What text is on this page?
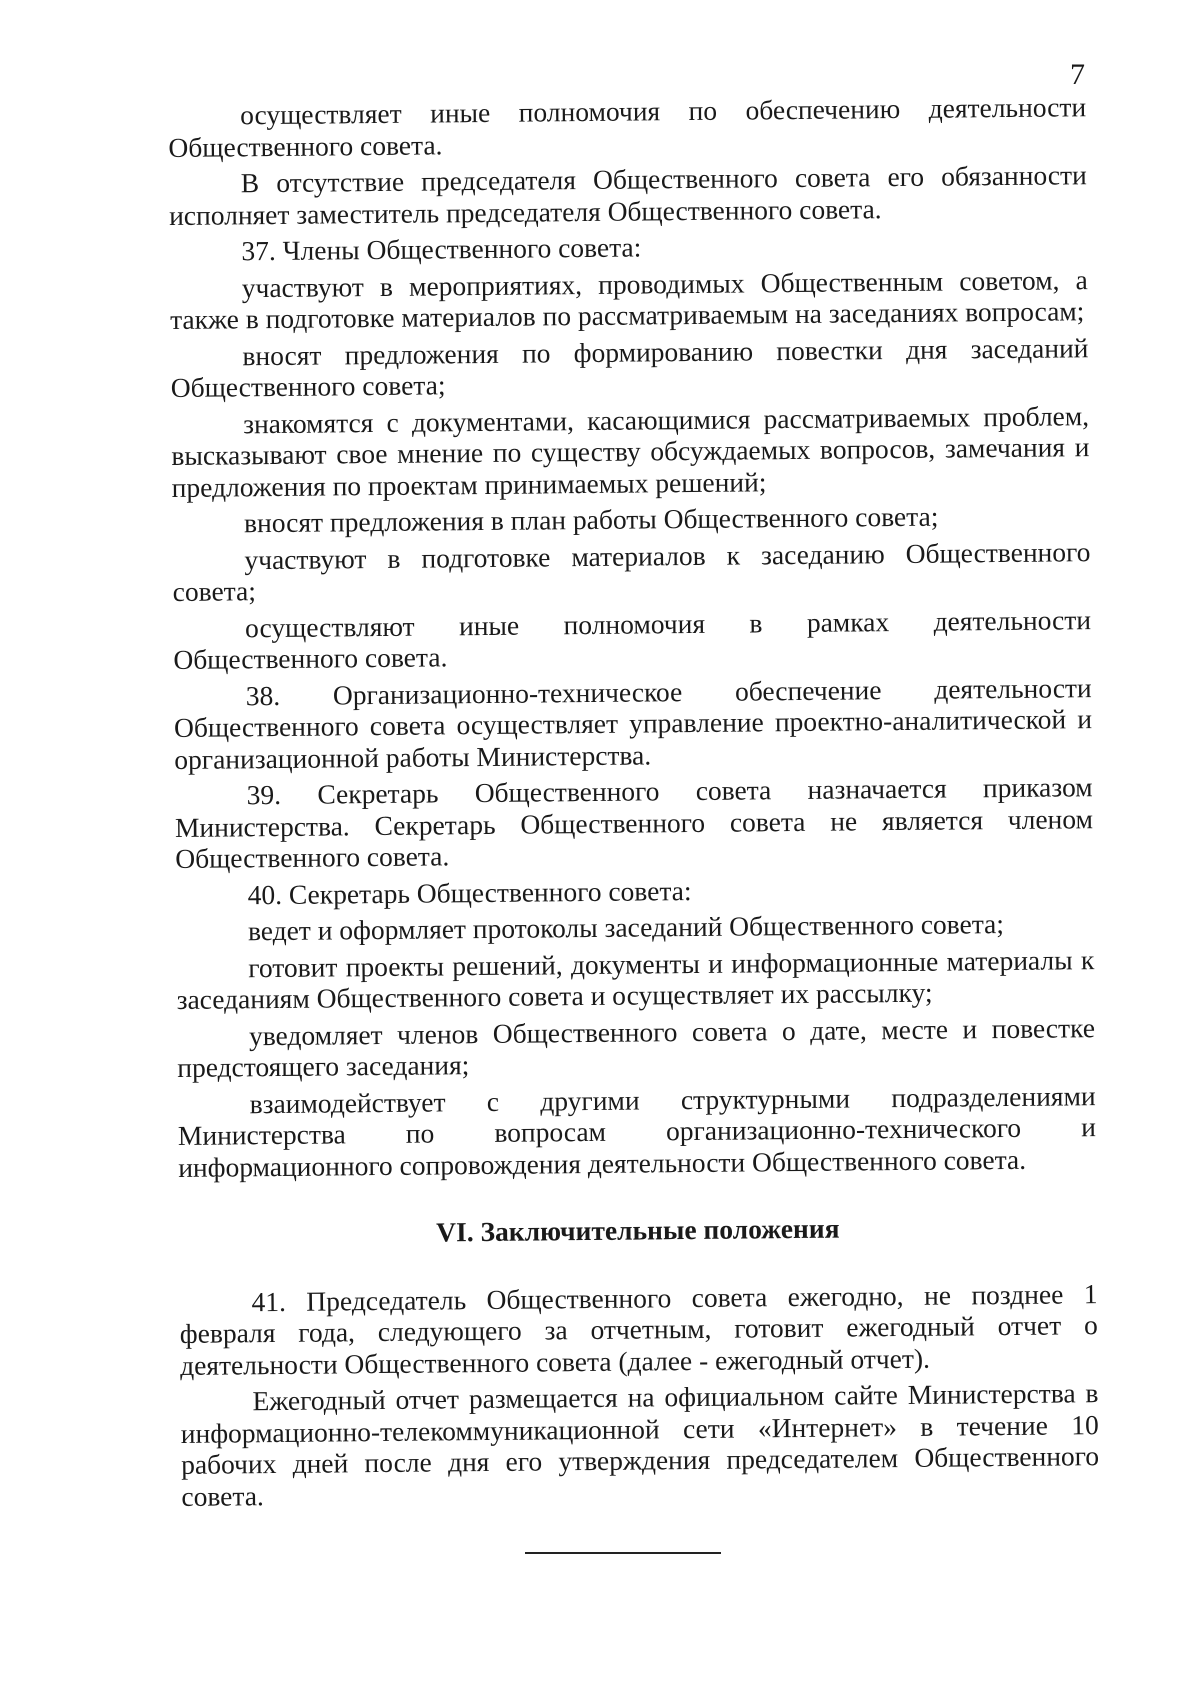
7

осуществляет иные полномочия по обеспечению деятельности Общественного совета.

В отсутствие председателя Общественного совета его обязанности исполняет заместитель председателя Общественного совета.

37. Члены Общественного совета:

участвуют в мероприятиях, проводимых Общественным советом, а также в подготовке материалов по рассматриваемым на заседаниях вопросам;

вносят предложения по формированию повестки дня заседаний Общественного совета;

знакомятся с документами, касающимися рассматриваемых проблем, высказывают свое мнение по существу обсуждаемых вопросов, замечания и предложения по проектам принимаемых решений;

вносят предложения в план работы Общественного совета;

участвуют в подготовке материалов к заседанию Общественного совета;

осуществляют иные полномочия в рамках деятельности Общественного совета.

38. Организационно-техническое обеспечение деятельности Общественного совета осуществляет управление проектно-аналитической и организационной работы Министерства.

39. Секретарь Общественного совета назначается приказом Министерства. Секретарь Общественного совета не является членом Общественного совета.

40. Секретарь Общественного совета:

ведет и оформляет протоколы заседаний Общественного совета;

готовит проекты решений, документы и информационные материалы к заседаниям Общественного совета и осуществляет их рассылку;

уведомляет членов Общественного совета о дате, месте и повестке предстоящего заседания;

взаимодействует с другими структурными подразделениями Министерства по вопросам организационно-технического и информационного сопровождения деятельности Общественного совета.

VI. Заключительные положения

41. Председатель Общественного совета ежегодно, не позднее 1 февраля года, следующего за отчетным, готовит ежегодный отчет о деятельности Общественного совета (далее - ежегодный отчет).

Ежегодный отчет размещается на официальном сайте Министерства в информационно-телекоммуникационной сети «Интернет» в течение 10 рабочих дней после дня его утверждения председателем Общественного совета.
